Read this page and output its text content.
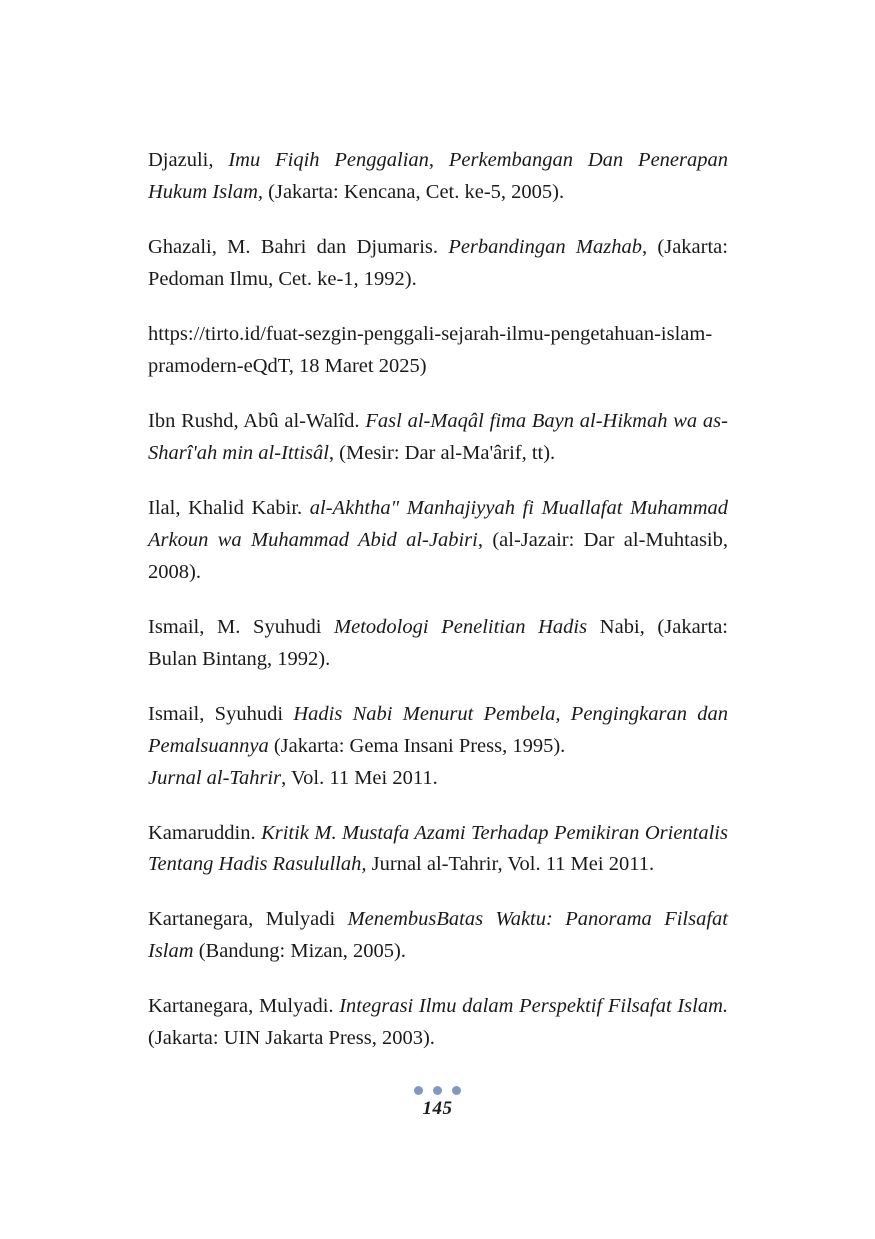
Djazuli, Imu Fiqih Penggalian, Perkembangan Dan Penerapan Hukum Islam, (Jakarta: Kencana, Cet. ke-5, 2005).

Ghazali, M. Bahri dan Djumaris. Perbandingan Mazhab, (Jakarta: Pedoman Ilmu, Cet. ke-1, 1992).

https://tirto.id/fuat-sezgin-penggali-sejarah-ilmu-pengetahuan-islam-pramodern-eQdT, 18 Maret 2025)

Ibn Rushd, Abû al-Walîd. Fasl al-Maqâl fima Bayn al-Hikmah wa as-Sharî'ah min al-Ittisâl, (Mesir: Dar al-Ma'ârif, tt).

Ilal, Khalid Kabir. al-Akhtha″ Manhajiyyah fi Muallafat Muhammad Arkoun wa Muhammad Abid al-Jabiri, (al-Jazair: Dar al-Muhtasib, 2008).

Ismail, M. Syuhudi Metodologi Penelitian Hadis Nabi, (Jakarta: Bulan Bintang, 1992).

Ismail, Syuhudi Hadis Nabi Menurut Pembela, Pengingkaran dan Pemalsuannya (Jakarta: Gema Insani Press, 1995).
Jurnal al-Tahrir, Vol. 11 Mei 2011.

Kamaruddin. Kritik M. Mustafa Azami Terhadap Pemikiran Orientalis Tentang Hadis Rasulullah, Jurnal al-Tahrir, Vol. 11 Mei 2011.

Kartanegara, Mulyadi MenembusBatas Waktu: Panorama Filsafat Islam (Bandung: Mizan, 2005).

Kartanegara, Mulyadi. Integrasi Ilmu dalam Perspektif Filsafat Islam. (Jakarta: UIN Jakarta Press, 2003).

145
